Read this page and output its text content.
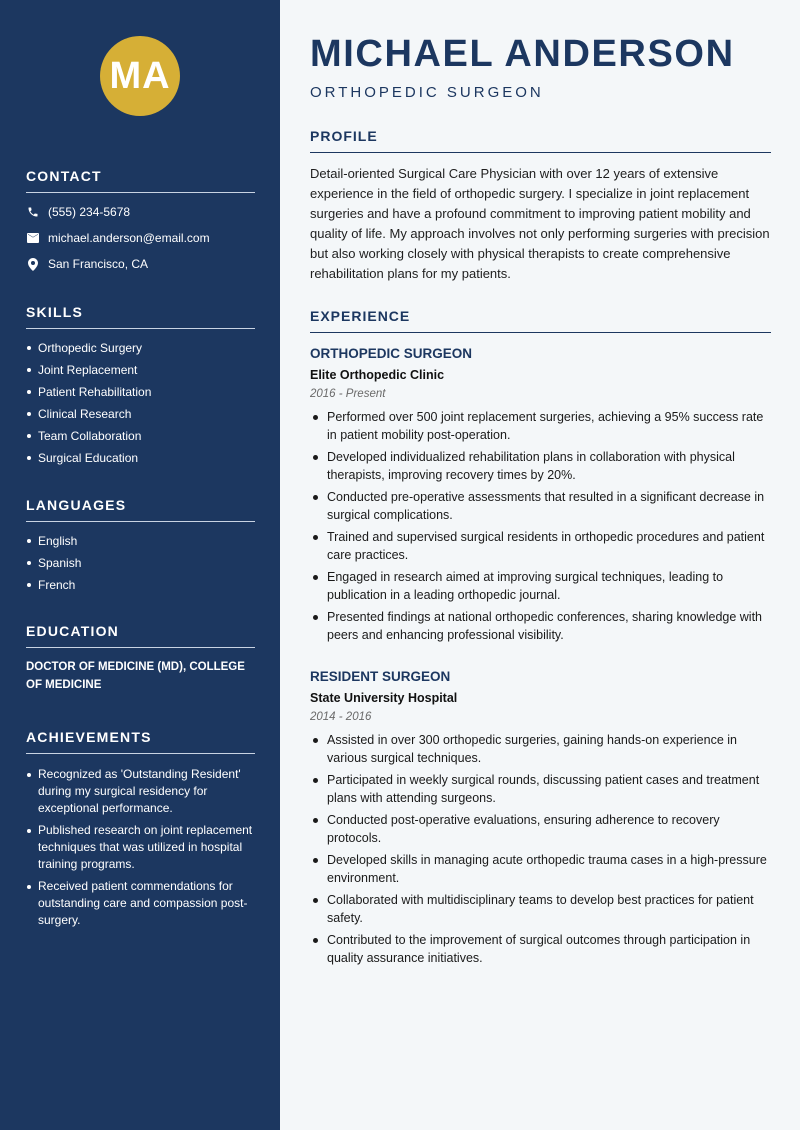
MA
CONTACT
(555) 234-5678
michael.anderson@email.com
San Francisco, CA
SKILLS
Orthopedic Surgery
Joint Replacement
Patient Rehabilitation
Clinical Research
Team Collaboration
Surgical Education
LANGUAGES
English
Spanish
French
EDUCATION
DOCTOR OF MEDICINE (MD), COLLEGE OF MEDICINE
ACHIEVEMENTS
Recognized as 'Outstanding Resident' during my surgical residency for exceptional performance.
Published research on joint replacement techniques that was utilized in hospital training programs.
Received patient commendations for outstanding care and compassion post-surgery.
MICHAEL ANDERSON
ORTHOPEDIC SURGEON
PROFILE
Detail-oriented Surgical Care Physician with over 12 years of extensive experience in the field of orthopedic surgery. I specialize in joint replacement surgeries and have a profound commitment to improving patient mobility and quality of life. My approach involves not only performing surgeries with precision but also working closely with physical therapists to create comprehensive rehabilitation plans for my patients.
EXPERIENCE
ORTHOPEDIC SURGEON
Elite Orthopedic Clinic
2016 - Present
Performed over 500 joint replacement surgeries, achieving a 95% success rate in patient mobility post-operation.
Developed individualized rehabilitation plans in collaboration with physical therapists, improving recovery times by 20%.
Conducted pre-operative assessments that resulted in a significant decrease in surgical complications.
Trained and supervised surgical residents in orthopedic procedures and patient care practices.
Engaged in research aimed at improving surgical techniques, leading to publication in a leading orthopedic journal.
Presented findings at national orthopedic conferences, sharing knowledge with peers and enhancing professional visibility.
RESIDENT SURGEON
State University Hospital
2014 - 2016
Assisted in over 300 orthopedic surgeries, gaining hands-on experience in various surgical techniques.
Participated in weekly surgical rounds, discussing patient cases and treatment plans with attending surgeons.
Conducted post-operative evaluations, ensuring adherence to recovery protocols.
Developed skills in managing acute orthopedic trauma cases in a high-pressure environment.
Collaborated with multidisciplinary teams to develop best practices for patient safety.
Contributed to the improvement of surgical outcomes through participation in quality assurance initiatives.
